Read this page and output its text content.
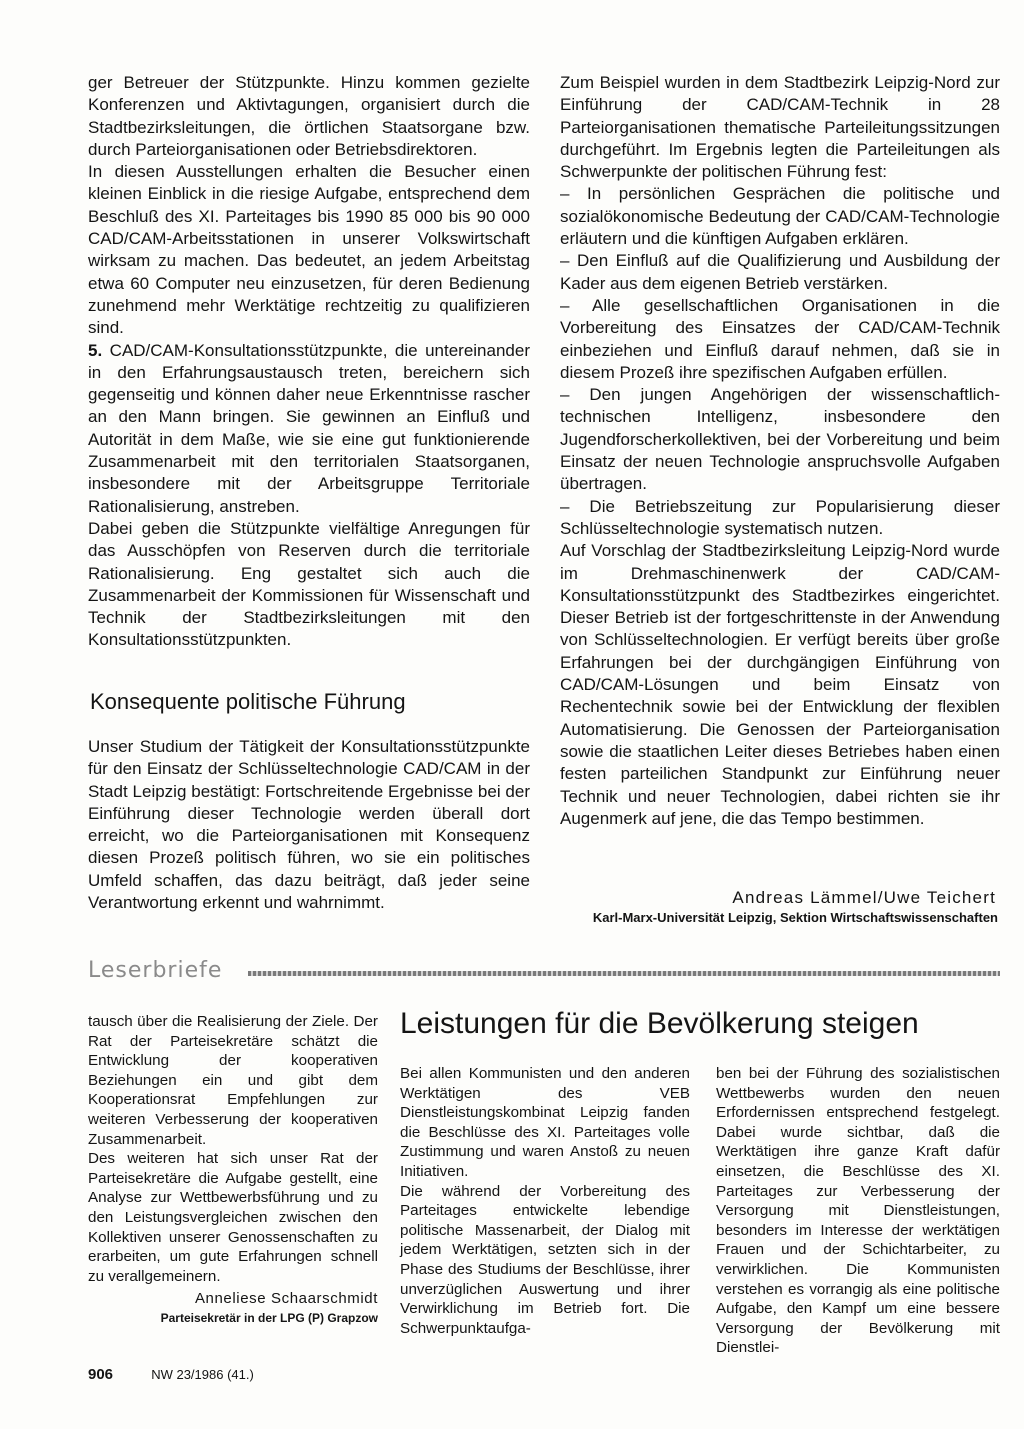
ger Betreuer der Stützpunkte. Hinzu kommen gezielte Konferenzen und Aktivtagungen, organisiert durch die Stadtbezirksleitungen, die örtlichen Staatsorgane bzw. durch Parteiorganisationen oder Betriebsdirektoren.

In diesen Ausstellungen erhalten die Besucher einen kleinen Einblick in die riesige Aufgabe, entsprechend dem Beschluß des XI. Parteitages bis 1990 85 000 bis 90 000 CAD/CAM-Arbeitsstationen in unserer Volkswirtschaft wirksam zu machen. Das bedeutet, an jedem Arbeitstag etwa 60 Computer neu einzusetzen, für deren Bedienung zunehmend mehr Werktätige rechtzeitig zu qualifizieren sind.

5. CAD/CAM-Konsultationsstützpunkte, die untereinander in den Erfahrungsaustausch treten, bereichern sich gegenseitig und können daher neue Erkenntnisse rascher an den Mann bringen. Sie gewinnen an Einfluß und Autorität in dem Maße, wie sie eine gut funktionierende Zusammenarbeit mit den territorialen Staatsorganen, insbesondere mit der Arbeitsgruppe Territoriale Rationalisierung, anstreben.

Dabei geben die Stützpunkte vielfältige Anregungen für das Ausschöpfen von Reserven durch die territoriale Rationalisierung. Eng gestaltet sich auch die Zusammenarbeit der Kommissionen für Wissenschaft und Technik der Stadtbezirksleitungen mit den Konsultationsstützpunkten.

Konsequente politische Führung

Unser Studium der Tätigkeit der Konsultationsstützpunkte für den Einsatz der Schlüsseltechnologie CAD/CAM in der Stadt Leipzig bestätigt: Fortschreitende Ergebnisse bei der Einführung dieser Technologie werden überall dort erreicht, wo die Parteiorganisationen mit Konsequenz diesen Prozeß politisch führen, wo sie ein politisches Umfeld schaffen, das dazu beiträgt, daß jeder seine Verantwortung erkennt und wahrnimmt.

Zum Beispiel wurden in dem Stadtbezirk Leipzig-Nord zur Einführung der CAD/CAM-Technik in 28 Parteiorganisationen thematische Parteileitungssitzungen durchgeführt. Im Ergebnis legten die Parteileitungen als Schwerpunkte der politischen Führung fest:

– In persönlichen Gesprächen die politische und sozialökonomische Bedeutung der CAD/CAM-Technologie erläutern und die künftigen Aufgaben erklären.

– Den Einfluß auf die Qualifizierung und Ausbildung der Kader aus dem eigenen Betrieb verstärken.

– Alle gesellschaftlichen Organisationen in die Vorbereitung des Einsatzes der CAD/CAM-Technik einbeziehen und Einfluß darauf nehmen, daß sie in diesem Prozeß ihre spezifischen Aufgaben erfüllen.

– Den jungen Angehörigen der wissenschaftlich-technischen Intelligenz, insbesondere den Jugendforscherkollektiven, bei der Vorbereitung und beim Einsatz der neuen Technologie anspruchsvolle Aufgaben übertragen.

– Die Betriebszeitung zur Popularisierung dieser Schlüsseltechnologie systematisch nutzen.

Auf Vorschlag der Stadtbezirksleitung Leipzig-Nord wurde im Drehmaschinenwerk der CAD/CAM-Konsultationsstützpunkt des Stadtbezirkes eingerichtet. Dieser Betrieb ist der fortgeschrittenste in der Anwendung von Schlüsseltechnologien. Er verfügt bereits über große Erfahrungen bei der durchgängigen Einführung von CAD/CAM-Lösungen und beim Einsatz von Rechentechnik sowie bei der Entwicklung der flexiblen Automatisierung. Die Genossen der Parteiorganisation sowie die staatlichen Leiter dieses Betriebes haben einen festen parteilichen Standpunkt zur Einführung neuer Technik und neuer Technologien, dabei richten sie ihr Augenmerk auf jene, die das Tempo bestimmen.

Andreas Lämmel/Uwe Teichert
Karl-Marx-Universität Leipzig, Sektion Wirtschaftswissenschaften
Leserbriefe

tausch über die Realisierung der Ziele. Der Rat der Parteisekretäre schätzt die Entwicklung der kooperativen Beziehungen ein und gibt dem Kooperationsrat Empfehlungen zur weiteren Verbesserung der kooperativen Zusammenarbeit.

Des weiteren hat sich unser Rat der Parteisekretäre die Aufgabe gestellt, eine Analyse zur Wettbewerbsführung und zu den Leistungsvergleichen zwischen den Kollektiven unserer Genossenschaften zu erarbeiten, um gute Erfahrungen schnell zu verallgemeinern.

Anneliese Schaarschmidt
Parteisekretär in der LPG (P) Grapzow
Leistungen für die Bevölkerung steigen

Bei allen Kommunisten und den anderen Werktätigen des VEB Dienstleistungskombinat Leipzig fanden die Beschlüsse des XI. Parteitages volle Zustimmung und waren Anstoß zu neuen Initiativen.

Die während der Vorbereitung des Parteitages entwickelte lebendige politische Massenarbeit, der Dialog mit jedem Werktätigen, setzten sich in der Phase des Studiums der Beschlüsse, ihrer unverzüglichen Auswertung und ihrer Verwirklichung im Betrieb fort. Die Schwerpunktaufga-

ben bei der Führung des sozialistischen Wettbewerbs wurden den neuen Erfordernissen entsprechend festgelegt. Dabei wurde sichtbar, daß die Werktätigen ihre ganze Kraft dafür einsetzen, die Beschlüsse des XI. Parteitages zur Verbesserung der Versorgung mit Dienstleistungen, besonders im Interesse der werktätigen Frauen und der Schichtarbeiter, zu verwirklichen. Die Kommunisten verstehen es vorrangig als eine politische Aufgabe, den Kampf um eine bessere Versorgung der Bevölkerung mit Dienstlei-

906	NW 23/1986 (41.)
